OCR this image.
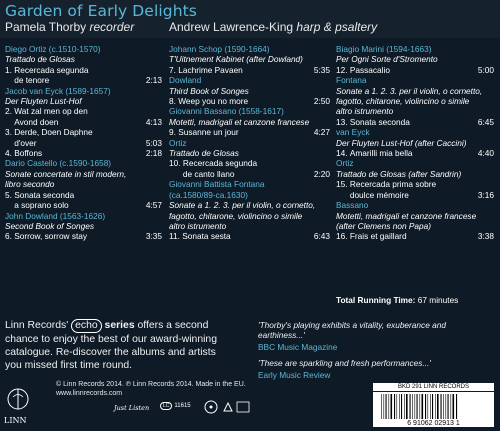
Garden of Early Delights
Pamela Thorby recorder	Andrew Lawrence-King harp & psaltery
Diego Ortiz (c.1510-1570)
Trattado de Glosas
1. Recercada segunda
de tenore	2:13
Jacob van Eyck (1589-1657)
Der Fluyten Lust-Hof
2. Wat zal men op den
Avond doen	4:13
3. Derde, Doen Daphne
d'over	5:03
4. Boffons	2:18
Dario Castello (c.1590-1658)
Sonate concertate in stil modern,
libro secondo
5. Sonata seconda
a soprano solo	4:57
John Dowland (1563-1626)
Second Book of Songes
6. Sorrow, sorrow stay	3:35
Johann Schop (1590-1664)
T'Uitnement Kabinet (after Dowland)
7. Lachrime Pavaen	5:35
Dowland
Third Book of Songes
8. Weep you no more	2:50
Giovanni Bassano (1558-1617)
Motetti, madrigali et canzone francese
9. Susanne un jour	4:27
Ortiz
Trattado de Glosas
10. Recercada segunda
de canto llano	2:20
Giovanni Battista Fontana
(ca.1580/89-ca.1630)
Sonate a 1. 2. 3. per il violin, o cornetto,
fagotto, chitarone, violincino o simile
altro istrumento
11. Sonata sesta	6:43
Biagio Marini (1594-1663)
Per Ogni Sorte d'Stromento
12. Passacalio	5:00
Fontana
Sonate a 1. 2. 3. per il violin, o cornetto,
fagotto, chitarone, violincino o simile
altro istrumento
13. Sonata seconda	6:45
van Eyck
Der Fluyten Lust-Hof (after Caccini)
14. Amarilli mia bella	4:40
Ortiz
Trattado de Glosas (after Sandrin)
15. Recercada prima sobre
doulce mémoire	3:16
Bassano
Motetti, madrigali et canzone francese
(after Clemens non Papa)
16. Frais et gaillard	3:38
Total Running Time: 67 minutes
Linn Records' echo series offers a second chance to enjoy the best of our award-winning catalogue. Re-discover the albums and artists you missed first time round.
'Thorby's playing exhibits a vitality, exuberance and earthiness...'
BBC Music Magazine
'These are sparkling and fresh performances...'
Early Music Review
LINN
© Linn Records 2014. ℗ Linn Records 2014. Made in the EU.
www.linnrecords.com
Just Listen	LC 11615
BKD 291 LINN RECORDS
6 91062 02913 1
